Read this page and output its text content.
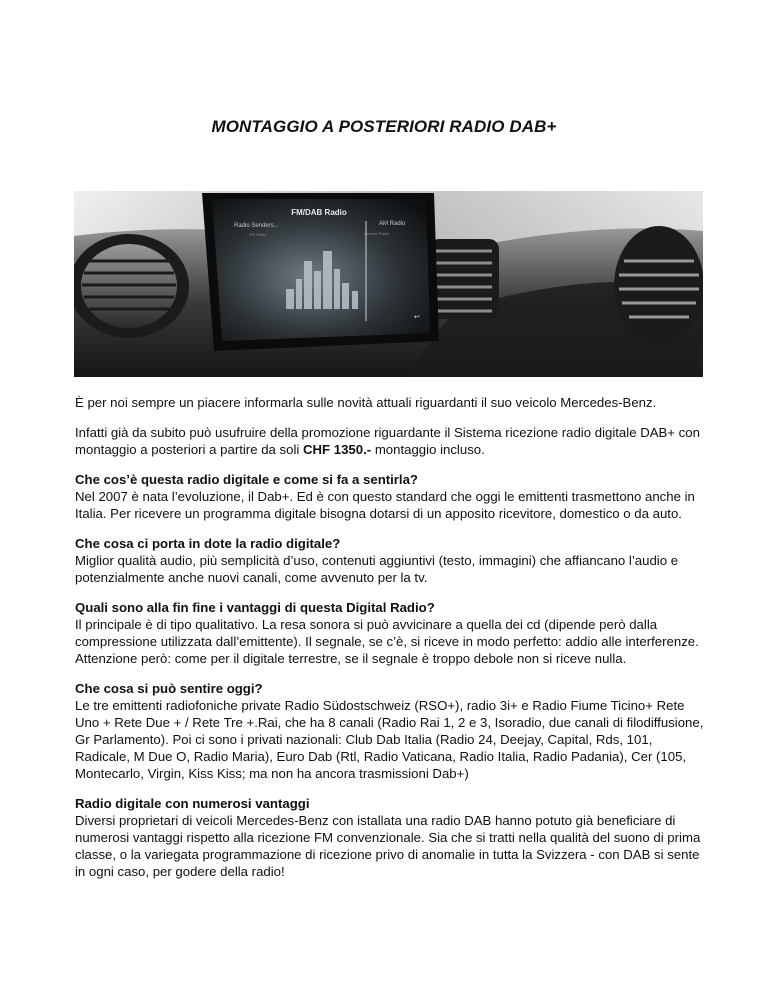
MONTAGGIO A POSTERIORI RADIO DAB+
FM/DAB Radio
Radio Senders...
FM Radio
AM Radio
Internet Radio
↩

È per noi sempre un piacere informarla sulle novità attuali riguardanti il suo veicolo Mercedes-Benz.

Infatti già da subito può usufruire della promozione riguardante il Sistema ricezione radio digitale DAB+ con montaggio a posteriori a partire da soli CHF 1350.- montaggio incluso.

Che cos’è questa radio digitale e come si fa a sentirla?
Nel 2007 è nata l’evoluzione, il Dab+. Ed è con questo standard che oggi le emittenti trasmettono anche in Italia. Per ricevere un programma digitale bisogna dotarsi di un apposito ricevitore, domestico o da auto.

Che cosa ci porta in dote la radio digitale?
Miglior qualità audio, più semplicità d’uso, contenuti aggiuntivi (testo, immagini) che affiancano l’audio e potenzialmente anche nuovi canali, come avvenuto per la tv.

Quali sono alla fin fine i vantaggi di questa Digital Radio?
Il principale è di tipo qualitativo. La resa sonora si può avvicinare a quella dei cd (dipende però dalla compressione utilizzata dall’emittente). Il segnale, se c’è, si riceve in modo perfetto: addio alle interferenze. Attenzione però: come per il digitale terrestre, se il segnale è troppo debole non si riceve nulla.

Che cosa si può sentire oggi?
Le tre emittenti radiofoniche private Radio Südostschweiz (RSO+), radio 3i+ e Radio Fiume Ticino+ Rete Uno + Rete Due + / Rete Tre +.Rai, che ha 8 canali (Radio Rai 1, 2 e 3, Isoradio, due canali di filodiffusione, Gr Parlamento). Poi ci sono i privati nazionali: Club Dab Italia (Radio 24, Deejay, Capital, Rds, 101, Radicale, M Due O, Radio Maria), Euro Dab (Rtl, Radio Vaticana, Radio Italia, Radio Padania), Cer (105, Montecarlo, Virgin, Kiss Kiss; ma non ha ancora trasmissioni Dab+)

Radio digitale con numerosi vantaggi
Diversi proprietari di veicoli Mercedes-Benz con istallata una radio DAB hanno potuto già beneficiare di numerosi vantaggi rispetto alla ricezione FM convenzionale. Sia che si tratti nella qualità del suono di prima classe, o la variegata programmazione di ricezione privo di anomalie in tutta la Svizzera - con DAB si sente in ogni caso, per godere della radio!
